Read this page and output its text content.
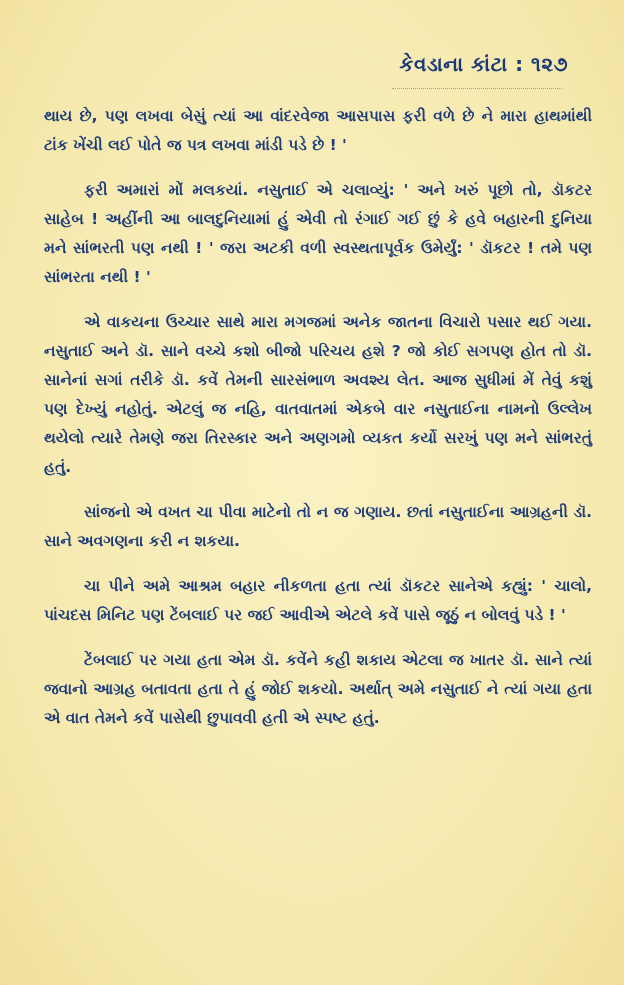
કેવડાના કાંટા : ૧૨૭

થાય છે, પણ લખવા બેસું ત્યાં આ વાંદરવેજા આસપાસ ફરી વળે છે ને મારા હાથમાંથી ટાંક ખેંચી લઈ પોતે જ પત્ર લખવા માંડી પડે છે ! '

ફરી અમારાં મોં મલકયાં. નસુતાઈ એ ચલાવ્યું: ' અને ખરું પૂછો તો, ડૉકટર સાહેબ ! અહીંની આ બાલદુનિયામાં હું એવી તો રંગાઈ ગઈ છું કે હવે બહારની દુનિયા મને સાંભરતી પણ નથી ! ' જરા અટકી વળી સ્વસ્થતાપૂર્વક ઉમેર્યું: ' ડૉકટર ! તમે પણ સાંભરતા નથી ! '

એ વાકયના ઉચ્ચાર સાથે મારા મગજમાં અનેક જાતના વિચારો પસાર થઈ ગયા. નસુતાઈ અને ડૉ. સાને વચ્ચે કશો બીજો પરિચય હશે ? જો કોઈ સગપણ હોત તો ડૉ. સાનેનાં સગાં તરીકે ડૉ. કવેં તેમની સારસંભાળ અવશ્ય લેત. આજ સુધીમાં મેં તેવું કશું પણ દેખ્યું નહોતું. એટલું જ નહિ, વાતવાતમાં એકબે વાર નસુતાઈના નામનો ઉલ્લેખ થયેલો ત્યારે તેમણે જરા તિરસ્કાર અને અણગમો વ્યકત કર્યો સરખું પણ મને સાંભરતું હતું.

સાંજનો એ વખત ચા પીવા માટેનો તો ન જ ગણાય. છતાં નસુતાઈના આગ્રહની ડૉ. સાને અવગણના કરી ન શકયા.

ચા પીને અમે આશ્રમ બહાર નીકળતા હતા ત્યાં ડૉકટર સાનેએ કહ્યું: ' ચાલો, પાંચદસ મિનિટ પણ ટેંબલાઈ પર જઈ આવીએ એટલે કવેં પાસે જૂઠું ન બોલવું પડે ! '

ટેંબલાઈ પર ગયા હતા એમ ડૉ. કવેંને કહી શકાય એટલા જ ખાતર ડૉ. સાને ત્યાં જવાનો આગ્રહ બતાવતા હતા તે હું જોઈ શકયો. અર્થાત્ અમે નસુતાઈ ને ત્યાં ગયા હતા એ વાત તેમને કવેં પાસેથી છુપાવવી હતી એ સ્પષ્ટ હતું.
